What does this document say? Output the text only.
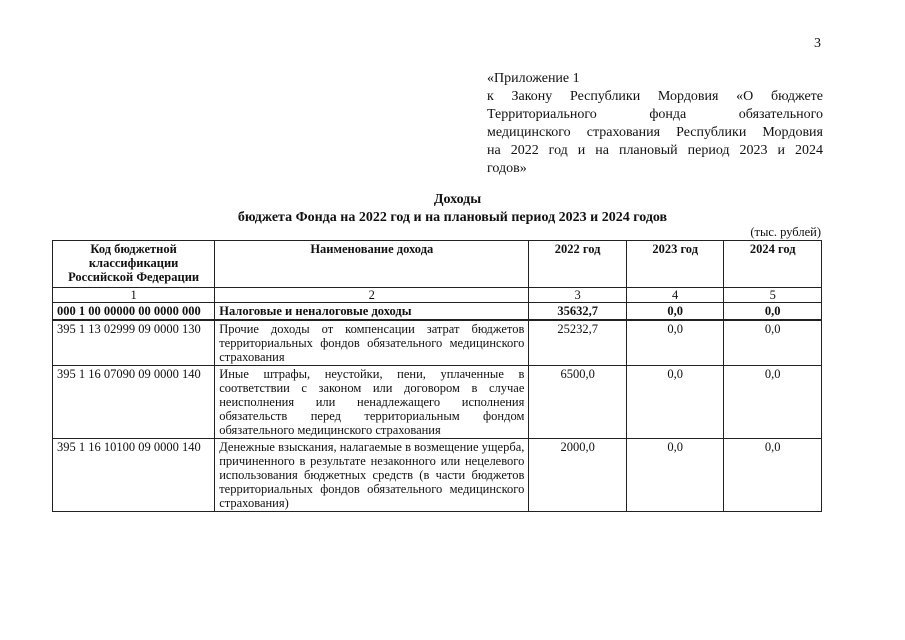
3
«Приложение 1
к Закону Республики Мордовия «О бюджете
Территориального фонда обязательного
медицинского страхования Республики Мордовия
на 2022 год и на плановый период 2023 и 2024
годов»
Доходы
бюджета Фонда на 2022 год и на плановый период 2023 и 2024 годов
(тыс. рублей)
Код бюджетной классификации Российской Федерации	Наименование дохода	2022 год	2023 год	2024 год
1	2	3	4	5
000 1 00 00000 00 0000 000	Налоговые и неналоговые доходы	35632,7	0,0	0,0
395 1 13 02999 09 0000 130	Прочие доходы от компенсации затрат бюджетов территориальных фондов обязательного медицинского страхования	25232,7	0,0	0,0
395 1 16 07090 09 0000 140	Иные штрафы, неустойки, пени, уплаченные в соответствии с законом или договором в случае неисполнения или ненадлежащего исполнения обязательств перед территориальным фондом обязательного медицинского страхования	6500,0	0,0	0,0
395 1 16 10100 09 0000 140	Денежные взыскания, налагаемые в возмещение ущерба, причиненного в результате незаконного или нецелевого использования бюджетных средств (в части бюджетов территориальных фондов обязательного медицинского страхования)	2000,0	0,0	0,0
